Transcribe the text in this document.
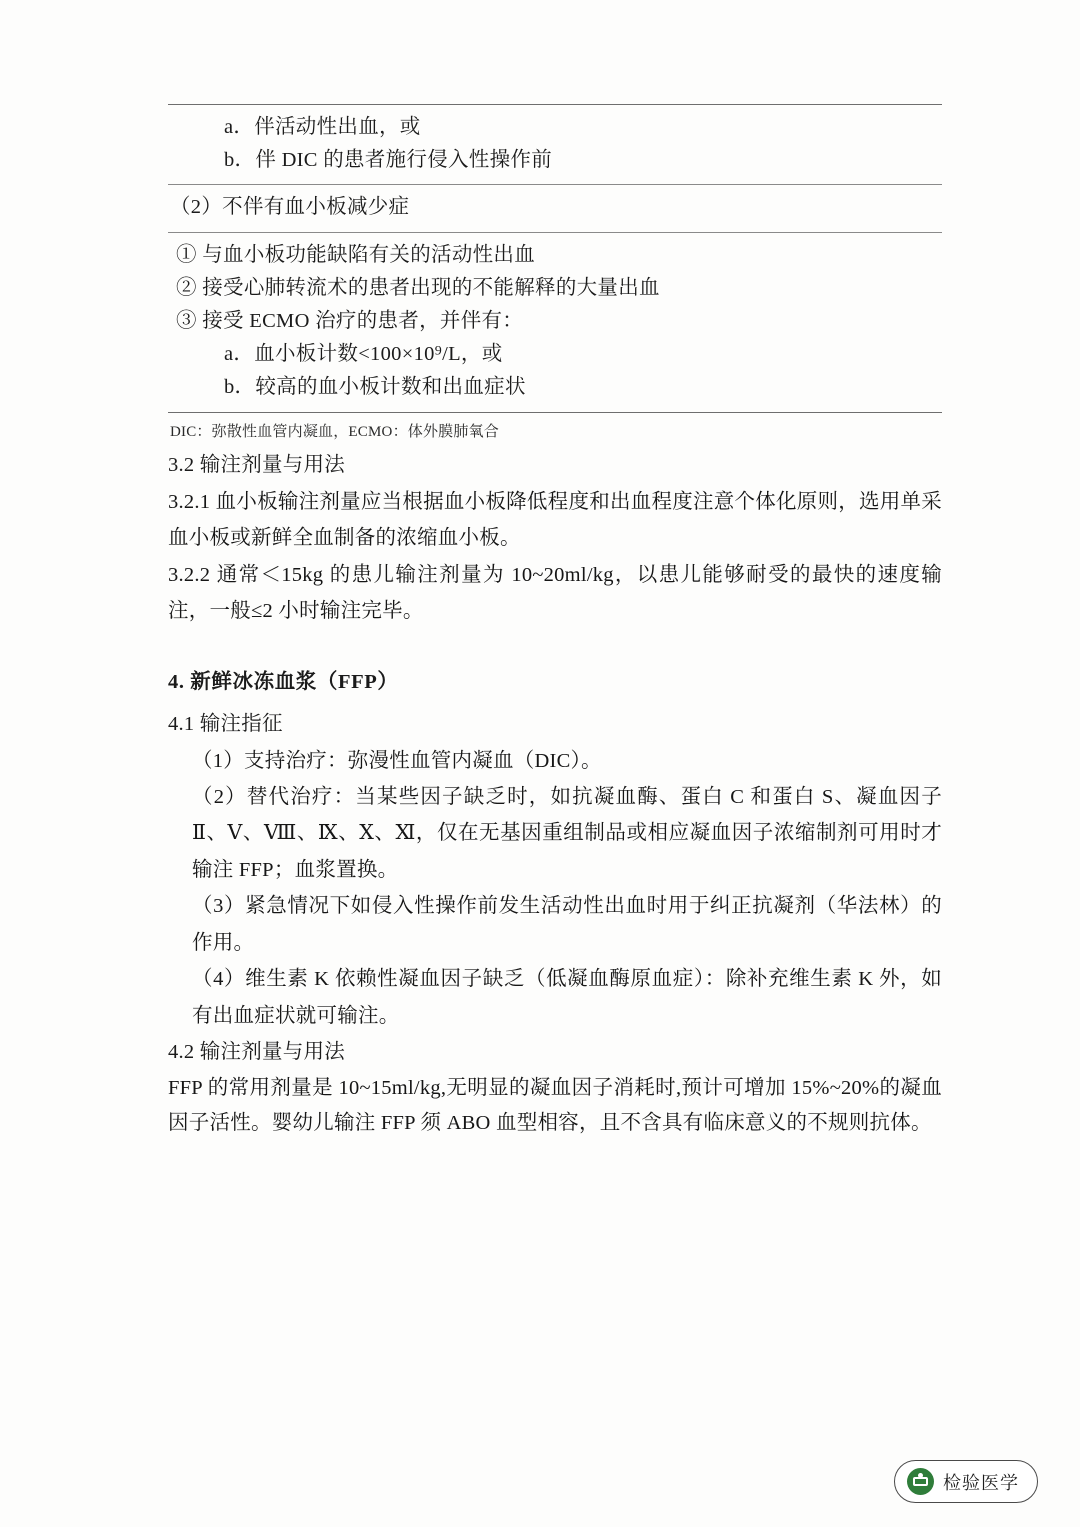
a．伴活动性出血，或
b．伴 DIC 的患者施行侵入性操作前
（2）不伴有血小板减少症
① 与血小板功能缺陷有关的活动性出血
② 接受心肺转流术的患者出现的不能解释的大量出血
③ 接受 ECMO 治疗的患者，并伴有：
a．血小板计数<100×10⁹/L，或
b．较高的血小板计数和出血症状
DIC：弥散性血管内凝血，ECMO：体外膜肺氧合
3.2 输注剂量与用法

3.2.1 血小板输注剂量应当根据血小板降低程度和出血程度注意个体化原则，选用单采血小板或新鲜全血制备的浓缩血小板。

3.2.2 通常＜15kg 的患儿输注剂量为 10~20ml/kg，以患儿能够耐受的最快的速度输注，一般≤2 小时输注完毕。

4. 新鲜冰冻血浆（FFP）
4.1 输注指征

（1）支持治疗：弥漫性血管内凝血（DIC）。

（2）替代治疗：当某些因子缺乏时，如抗凝血酶、蛋白 C 和蛋白 S、凝血因子Ⅱ、Ⅴ、Ⅷ、Ⅸ、Ⅹ、Ⅺ，仅在无基因重组制品或相应凝血因子浓缩制剂可用时才输注 FFP；血浆置换。

（3）紧急情况下如侵入性操作前发生活动性出血时用于纠正抗凝剂（华法林）的作用。

（4）维生素 K 依赖性凝血因子缺乏（低凝血酶原血症）：除补充维生素 K 外，如有出血症状就可输注。

4.2 输注剂量与用法

FFP 的常用剂量是 10~15ml/kg,无明显的凝血因子消耗时,预计可增加 15%~20%的凝血因子活性。婴幼儿输注 FFP 须 ABO 血型相容，且不含具有临床意义的不规则抗体。

检验医学
